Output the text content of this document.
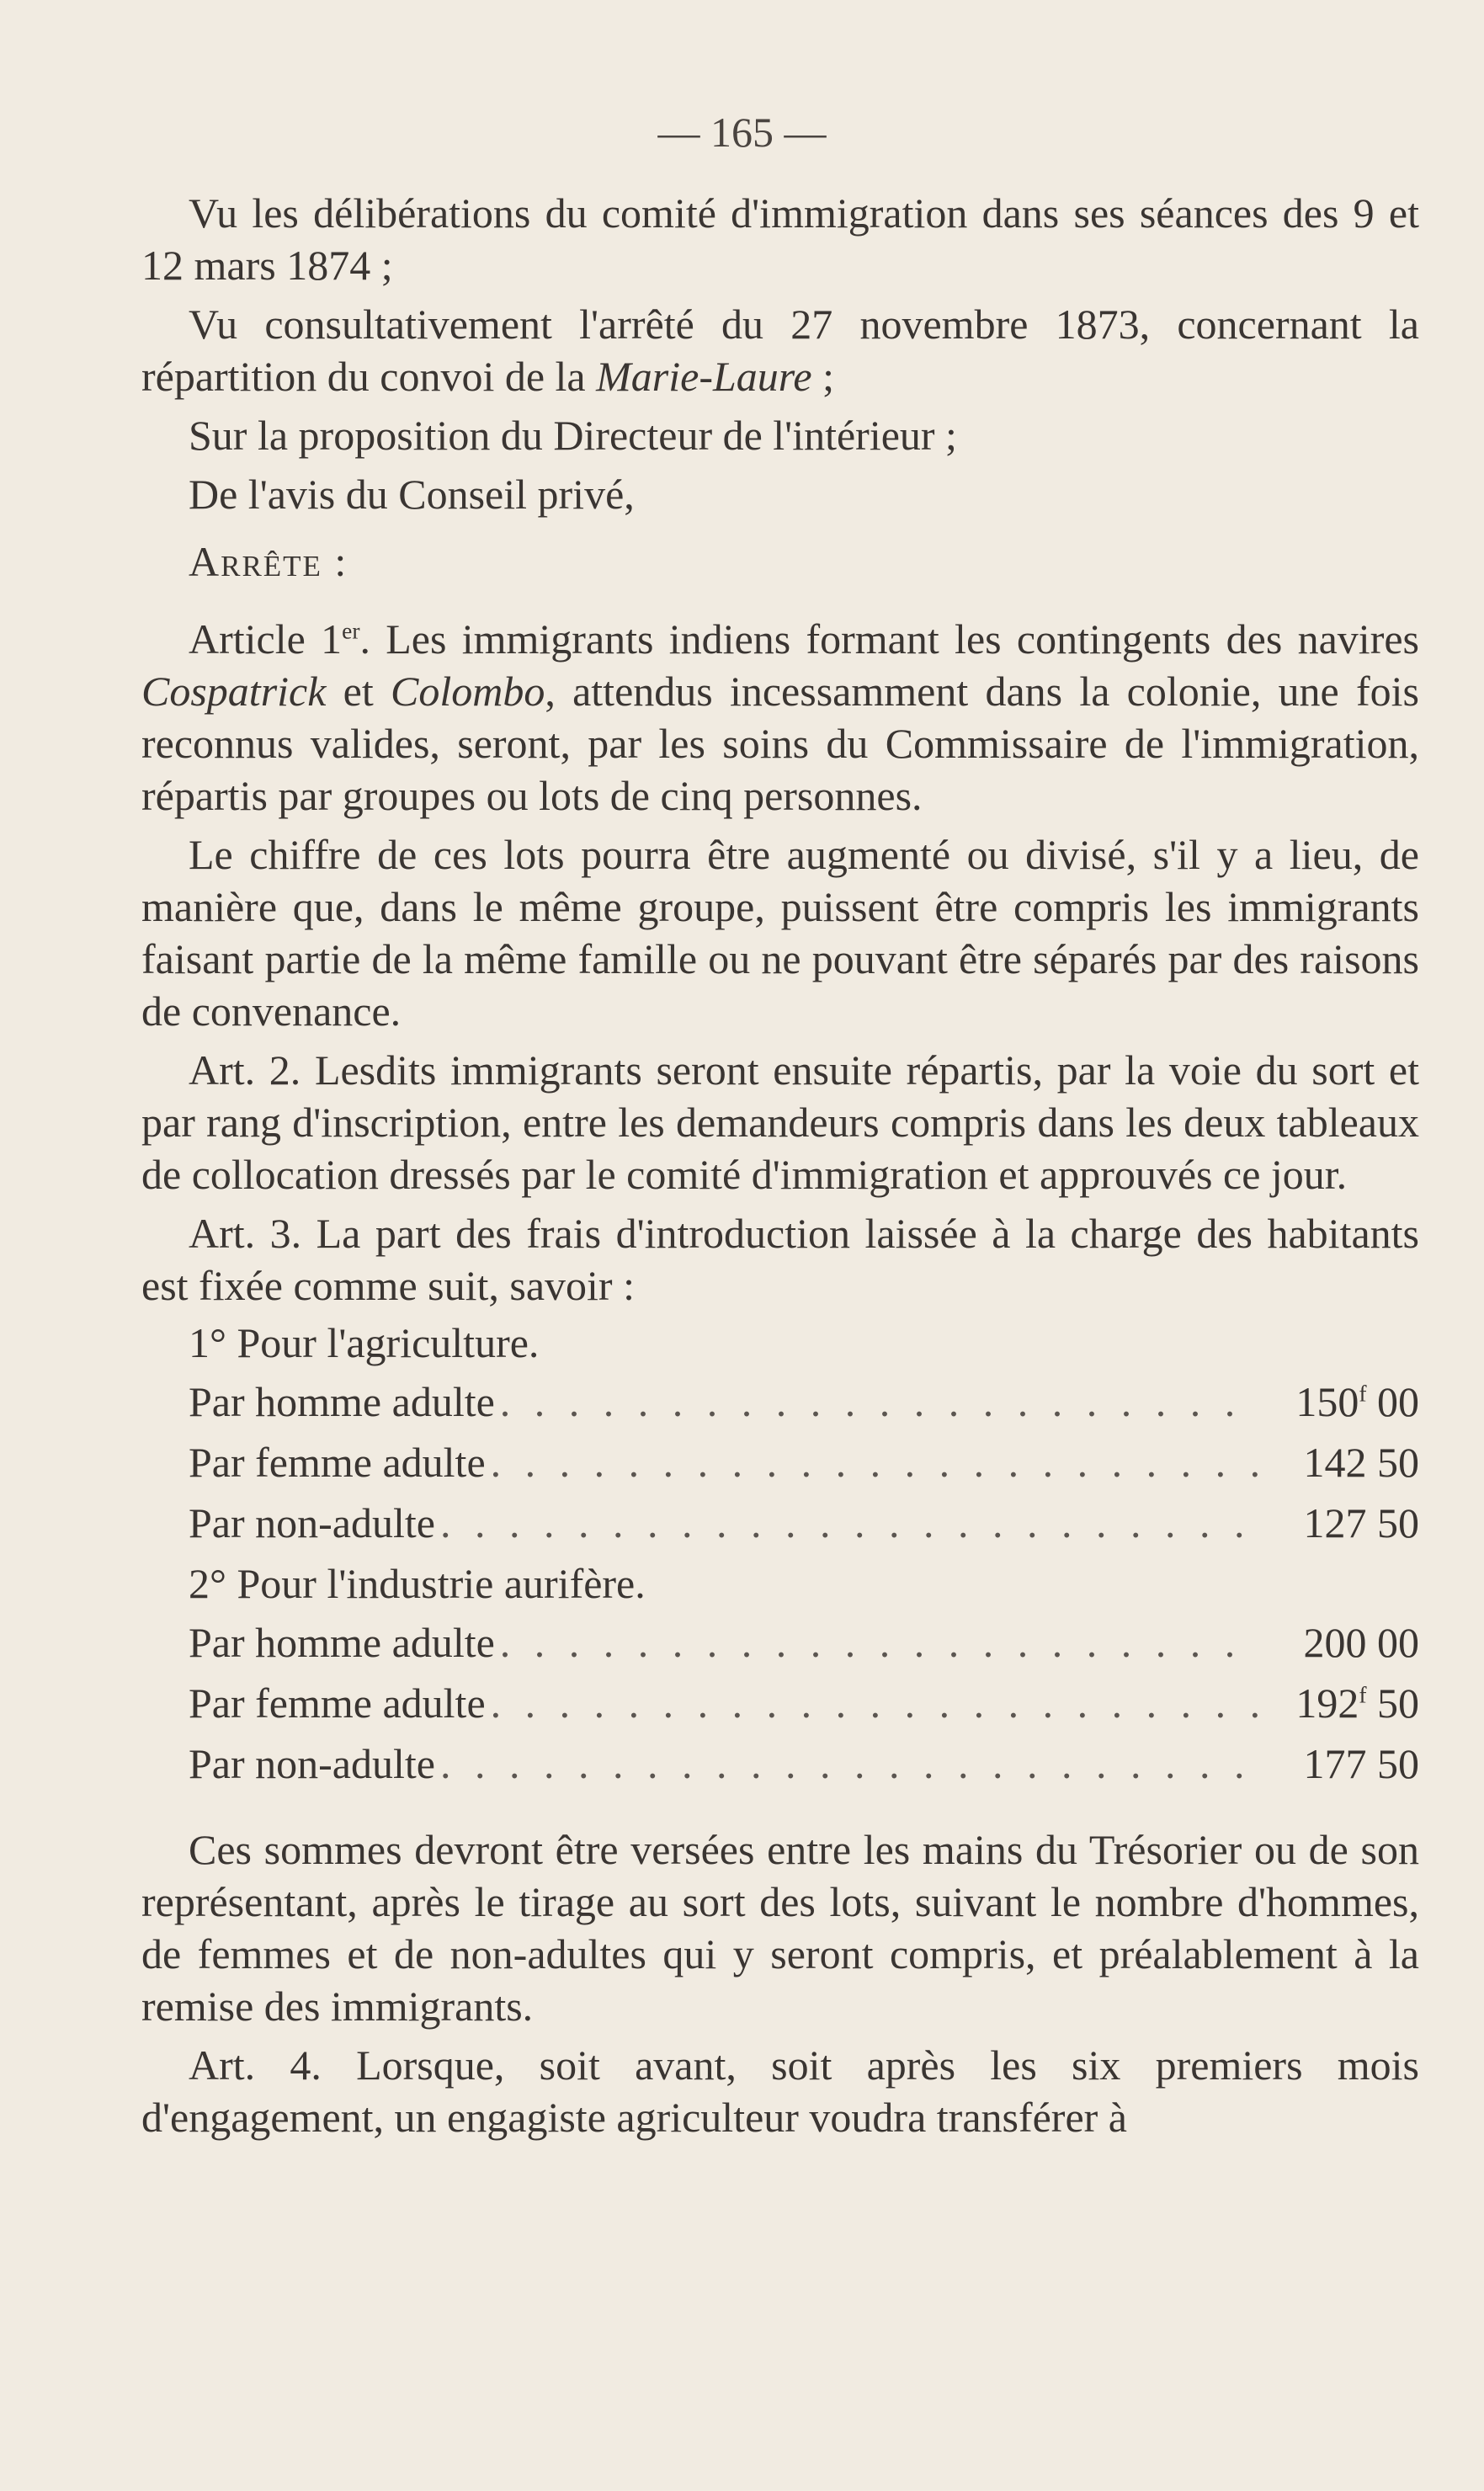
— 165 —

Vu les délibérations du comité d'immigration dans ses séances des 9 et 12 mars 1874 ;

Vu consultativement l'arrêté du 27 novembre 1873, concernant la répartition du convoi de la Marie-Laure ;

Sur la proposition du Directeur de l'intérieur ;

De l'avis du Conseil privé,

Arrête :

Article 1er. Les immigrants indiens formant les contingents des navires Cospatrick et Colombo, attendus incessamment dans la colonie, une fois reconnus valides, seront, par les soins du Commissaire de l'immigration, répartis par groupes ou lots de cinq personnes.

Le chiffre de ces lots pourra être augmenté ou divisé, s'il y a lieu, de manière que, dans le même groupe, puissent être compris les immigrants faisant partie de la même famille ou ne pouvant être séparés par des raisons de convenance.

Art. 2. Lesdits immigrants seront ensuite répartis, par la voie du sort et par rang d'inscription, entre les demandeurs compris dans les deux tableaux de collocation dressés par le comité d'immigration et approuvés ce jour.

Art. 3. La part des frais d'introduction laissée à la charge des habitants est fixée comme suit, savoir :

1° Pour l'agriculture.
Par homme adulte . . .	150$^f$ 00
Par femme adulte . . .	142 50
Par non-adulte . . .	127 50
2° Pour l'industrie aurifère.
Par homme adulte . . .	200 00
Par femme adulte . . .	192$^f$ 50
Par non-adulte . . .	177 50

Ces sommes devront être versées entre les mains du Trésorier ou de son représentant, après le tirage au sort des lots, suivant le nombre d'hommes, de femmes et de non-adultes qui y seront compris, et préalablement à la remise des immigrants.

Art. 4. Lorsque, soit avant, soit après les six premiers mois d'engagement, un engagiste agriculteur voudra transférer à
